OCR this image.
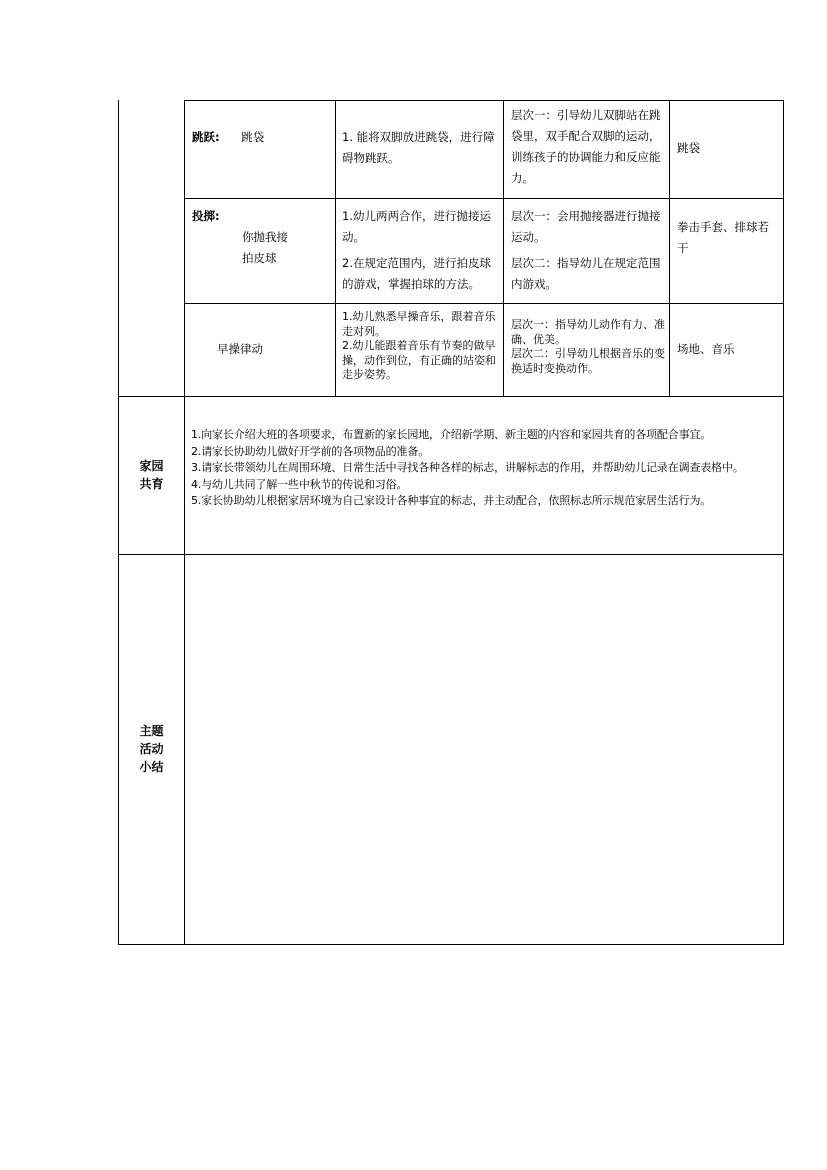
跳跃: 跳袋	1. 能将双脚放进跳袋，进行障碍物跳跃。

层次一：引导幼儿双脚站在跳袋里，双手配合双脚的运动，训练孩子的协调能力和反应能力。

跳袋

投掷:

你抛我接

拍皮球

1.幼儿两两合作，进行抛接运动。

2.在规定范围内，进行拍皮球的游戏，掌握拍球的方法。

层次一：会用抛接器进行抛接运动。

层次二：指导幼儿在规定范围内游戏。

拳击手套、排球若干

早操律动

1.幼儿熟悉早操音乐，跟着音乐走对列。

2.幼儿能跟着音乐有节奏的做早操，动作到位，有正确的站姿和走步姿势。

层次一：指导幼儿动作有力、准确、优美。

层次二：引导幼儿根据音乐的变换适时变换动作。

场地、音乐

家园
共育

1.向家长介绍大班的各项要求，布置新的家长园地，介绍新学期、新主题的内容和家园共育的各项配合事宜。

2.请家长协助幼儿做好开学前的各项物品的准备。

3.请家长带领幼儿在周围环境、日常生活中寻找各种各样的标志，讲解标志的作用，并帮助幼儿记录在调查表格中。

4.与幼儿共同了解一些中秋节的传说和习俗。

5.家长协助幼儿根据家居环境为自己家设计各种事宜的标志，并主动配合，依照标志所示规范家居生活行为。

主题
活动
小结
